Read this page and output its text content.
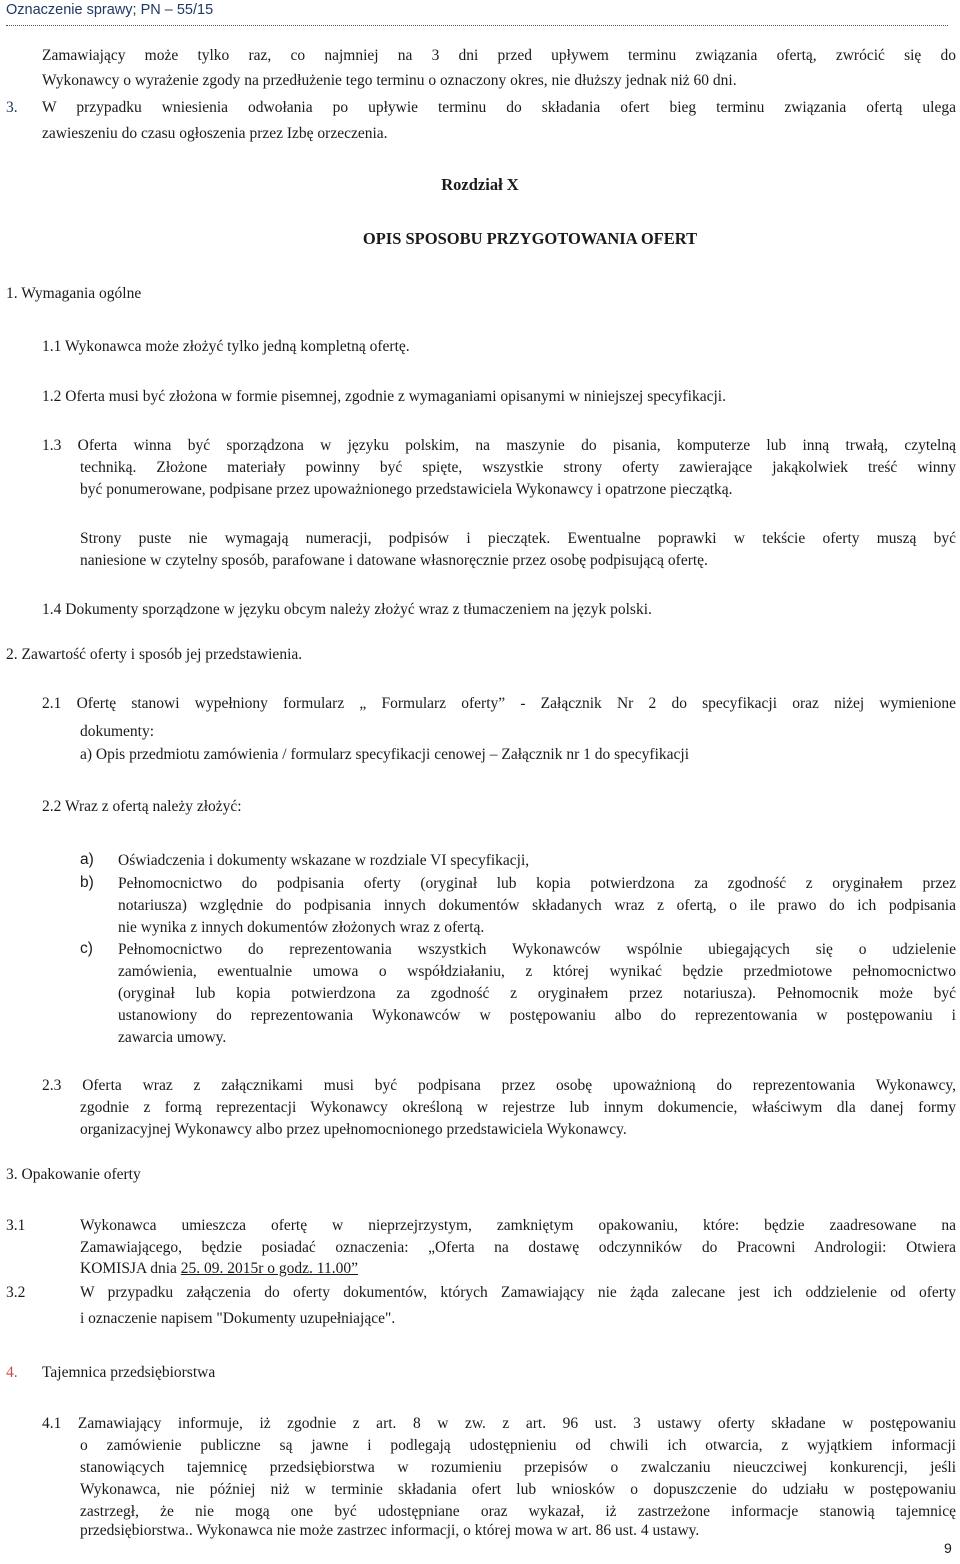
Oznaczenie sprawy; PN – 55/15
Zamawiający może tylko raz, co najmniej na 3 dni przed upływem terminu związania ofertą, zwrócić się do
Wykonawcy o wyrażenie zgody na przedłużenie tego terminu o oznaczony okres, nie dłuższy jednak niż 60 dni.
3. W przypadku wniesienia odwołania po upływie terminu do składania ofert bieg terminu związania ofertą ulega
zawieszeniu do czasu ogłoszenia przez Izbę orzeczenia.
Rozdział X
OPIS SPOSOBU PRZYGOTOWANIA OFERT
1. Wymagania ogólne
1.1 Wykonawca może złożyć tylko jedną kompletną ofertę.
1.2 Oferta musi być złożona w formie pisemnej, zgodnie z wymaganiami opisanymi w niniejszej specyfikacji.
1.3 Oferta winna być sporządzona w języku polskim, na maszynie do pisania, komputerze lub inną trwałą, czytelną
techniką. Złożone materiały powinny być spięte, wszystkie strony oferty zawierające jakąkolwiek treść winny
być ponumerowane, podpisane przez upoważnionego przedstawiciela Wykonawcy i opatrzone pieczątką.
Strony puste nie wymagają numeracji, podpisów i pieczątek. Ewentualne poprawki w tekście oferty muszą być
naniesione w czytelny sposób, parafowane i datowane własnoręcznie przez osobę podpisującą ofertę.
1.4 Dokumenty sporządzone w języku obcym należy złożyć wraz z tłumaczeniem na język polski.
2. Zawartość oferty i sposób jej przedstawienia.
2.1 Ofertę stanowi wypełniony formularz „ Formularz oferty” - Załącznik Nr 2 do specyfikacji oraz niżej wymienione
dokumenty:
a) Opis przedmiotu zamówienia / formularz specyfikacji cenowej – Załącznik nr 1 do specyfikacji
2.2 Wraz z ofertą należy złożyć:
a) Oświadczenia i dokumenty wskazane w rozdziale VI specyfikacji,
b) Pełnomocnictwo do podpisania oferty (oryginał lub kopia potwierdzona za zgodność z oryginałem przez
notariusza) względnie do podpisania innych dokumentów składanych wraz z ofertą, o ile prawo do ich podpisania
nie wynika z innych dokumentów złożonych wraz z ofertą.
c) Pełnomocnictwo do reprezentowania wszystkich Wykonawców wspólnie ubiegających się o udzielenie
zamówienia, ewentualnie umowa o współdziałaniu, z której wynikać będzie przedmiotowe pełnomocnictwo
(oryginał lub kopia potwierdzona za zgodność z oryginałem przez notariusza). Pełnomocnik może być
ustanowiony do reprezentowania Wykonawców w postępowaniu albo do reprezentowania w postępowaniu i
zawarcia umowy.
2.3 Oferta wraz z załącznikami musi być podpisana przez osobę upoważnioną do reprezentowania Wykonawcy,
zgodnie z formą reprezentacji Wykonawcy określoną w rejestrze lub innym dokumencie, właściwym dla danej formy
organizacyjnej Wykonawcy albo przez upełnomocnionego przedstawiciela Wykonawcy.
3. Opakowanie oferty
3.1	Wykonawca umieszcza ofertę w nieprzejrzystym, zamkniętym opakowaniu, które: będzie zaadresowane na
Zamawiającego, będzie posiadać oznaczenia: „Oferta na dostawę odczynników do Pracowni Andrologii: Otwiera
KOMISJA dnia 25. 09. 2015r o godz. 11.00”
3.2	W przypadku załączenia do oferty dokumentów, których Zamawiający nie żąda zalecane jest ich oddzielenie od oferty
i oznaczenie napisem "Dokumenty uzupełniające".
4. Tajemnica przedsiębiorstwa
4.1 Zamawiający informuje, iż zgodnie z art. 8 w zw. z art. 96 ust. 3 ustawy oferty składane w postępowaniu
o zamówienie publiczne są jawne i podlegają udostępnieniu od chwili ich otwarcia, z wyjątkiem informacji
stanowiących tajemnicę przedsiębiorstwa w rozumieniu przepisów o zwalczaniu nieuczciwej konkurencji, jeśli
Wykonawca, nie później niż w terminie składania ofert lub wniosków o dopuszczenie do udziału w postępowaniu
zastrzegł, że nie mogą one być udostępniane oraz wykazał, iż zastrzeżone informacje stanowią tajemnicę
przedsiębiorstwa.. Wykonawca nie może zastrzec informacji, o której mowa w art. 86 ust. 4 ustawy.
9
